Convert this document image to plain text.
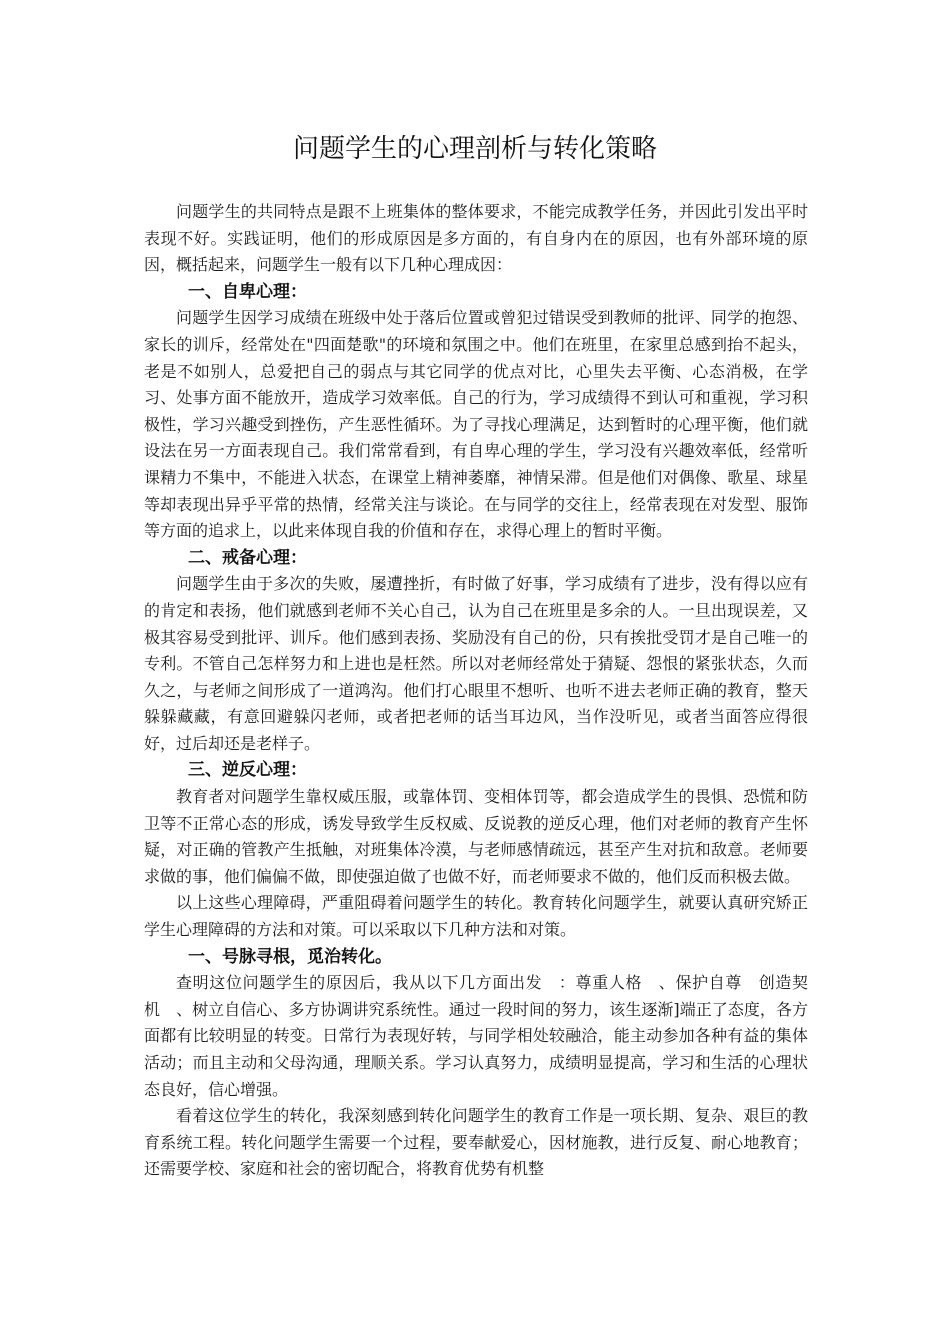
问题学生的心理剖析与转化策略

问题学生的共同特点是跟不上班集体的整体要求，不能完成教学任务，并因此引发出平时表现不好。实践证明，他们的形成原因是多方面的，有自身内在的原因，也有外部环境的原因，概括起来，问题学生一般有以下几种心理成因：

一、自卑心理：

问题学生因学习成绩在班级中处于落后位置或曾犯过错误受到教师的批评、同学的抱怨、家长的训斥，经常处在"四面楚歌"的环境和氛围之中。他们在班里，在家里总感到抬不起头，老是不如别人，总爱把自己的弱点与其它同学的优点对比，心里失去平衡、心态消极，在学习、处事方面不能放开，造成学习效率低。自己的行为，学习成绩得不到认可和重视，学习积极性，学习兴趣受到挫伤，产生恶性循环。为了寻找心理满足，达到暂时的心理平衡，他们就设法在另一方面表现自己。我们常常看到，有自卑心理的学生，学习没有兴趣效率低，经常听课精力不集中，不能进入状态，在课堂上精神萎靡，神情呆滞。但是他们对偶像、歌星、球星等却表现出异乎平常的热情，经常关注与谈论。在与同学的交往上，经常表现在对发型、服饰等方面的追求上，以此来体现自我的价值和存在，求得心理上的暂时平衡。

二、戒备心理：

问题学生由于多次的失败，屡遭挫折，有时做了好事，学习成绩有了进步，没有得以应有的肯定和表扬，他们就感到老师不关心自己，认为自己在班里是多余的人。一旦出现误差，又极其容易受到批评、训斥。他们感到表扬、奖励没有自己的份，只有挨批受罚才是自己唯一的专利。不管自己怎样努力和上进也是枉然。所以对老师经常处于猜疑、怨恨的紧张状态，久而久之，与老师之间形成了一道鸿沟。他们打心眼里不想听、也听不进去老师正确的教育，整天躲躲藏藏，有意回避躲闪老师，或者把老师的话当耳边风，当作没听见，或者当面答应得很好，过后却还是老样子。

三、逆反心理：

教育者对问题学生靠权威压服，或靠体罚、变相体罚等，都会造成学生的畏惧、恐慌和防卫等不正常心态的形成，诱发导致学生反权威、反说教的逆反心理，他们对老师的教育产生怀疑，对正确的管教产生抵触，对班集体冷漠，与老师感情疏远，甚至产生对抗和敌意。老师要求做的事，他们偏偏不做，即使强迫做了也做不好，而老师要求不做的，他们反而积极去做。

以上这些心理障碍，严重阻碍着问题学生的转化。教育转化问题学生，就要认真研究矫正学生心理障碍的方法和对策。可以采取以下几种方法和对策。

一、号脉寻根，觅治转化。

查明这位问题学生的原因后，我从以下几方面出发　：尊重人格　、保护自尊　创造契机　、树立自信心、多方协调讲究系统性。通过一段时间的努力，该生逐渐]端正了态度，各方面都有比较明显的转变。日常行为表现好转，与同学相处较融洽，能主动参加各种有益的集体活动；而且主动和父母沟通，理顺关系。学习认真努力，成绩明显提高，学习和生活的心理状态良好，信心增强。

看着这位学生的转化，我深刻感到转化问题学生的教育工作是一项长期、复杂、艰巨的教育系统工程。转化问题学生需要一个过程，要奉献爱心，因材施教，进行反复、耐心地教育；还需要学校、家庭和社会的密切配合，将教育优势有机整
